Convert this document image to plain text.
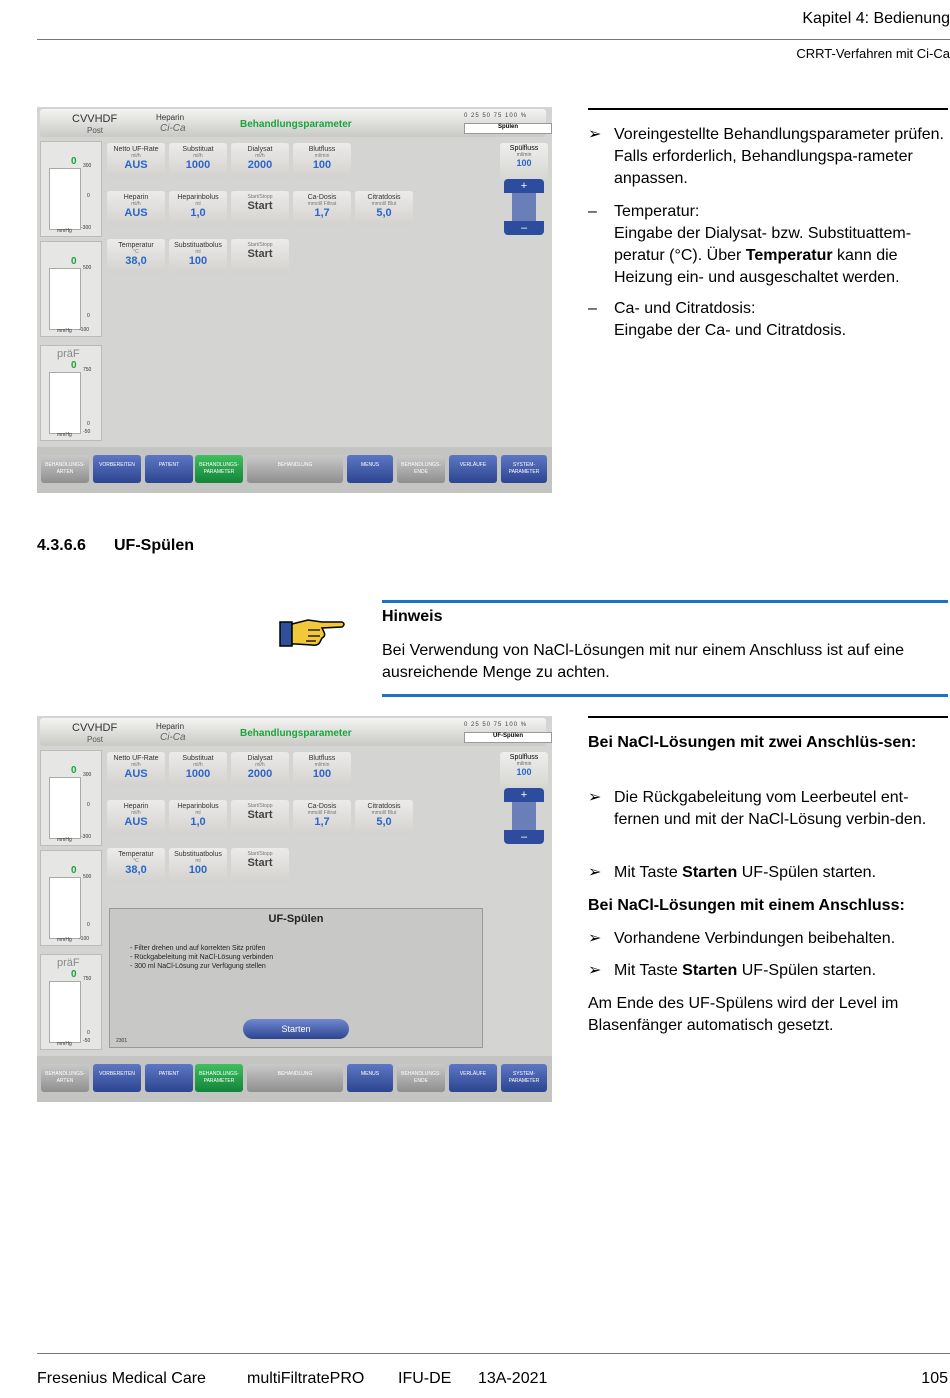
Kapitel 4: Bedienung
CRRT-Verfahren mit Ci-Ca
CVVHDF
Post
Heparin
Ci-Ca	Behandlungsparameter
0 25 50 75 100 %
Spülen
0
mmHg
0
mmHg
präF
0
mmHg
300
0
-300
500
0
-100
750
0
-50
Netto UF-Rate
ml/h
AUS
Substituat
ml/h
1000
Dialysat
ml/h
2000
Blutfluss
ml/min
100
Heparin
ml/h
AUS
Heparinbolus
ml
1,0
Start/Stopp
Start
Ca-Dosis
mmol/l Filtrat
1,7
Citratdosis
mmol/l Blut
5,0
Temperatur
°C
38,0
Substituatbolus
ml
100
Start/Stopp
Start
Spülfluss
ml/min
100
+
–
BEHANDLUNGS-ARTEN
VORBEREITEN	PATIENT	BEHANDLUNGS-PARAMETER
BEHANDLUNG	MENUS	BEHANDLUNGS-ENDE
VERLÄUFE	SYSTEM-PARAMETER
➢ Voreingestellte Behandlungsparameter prüfen. Falls erforderlich, Behandlungspa-rameter anpassen.
– Temperatur:
Eingabe der Dialysat- bzw. Substituattem-peratur (°C). Über Temperatur kann die Heizung ein- und ausgeschaltet werden.
– Ca- und Citratdosis:
Eingabe der Ca- und Citratdosis.
4.3.6.6 UF-Spülen
Hinweis
Bei Verwendung von NaCl-Lösungen mit nur einem Anschluss ist auf eine ausreichende Menge zu achten.
CVVHDF
Post
Heparin
Ci-Ca	Behandlungsparameter
0 25 50 75 100 %
UF-Spülen
0
mmHg
0
mmHg
präF
0
mmHg
300
0
-300
500
0
-100
750
0
-50
Netto UF-Rate
ml/h
AUS
Substituat
ml/h
1000
Dialysat
ml/h
2000
Blutfluss
ml/min
100
Heparin
ml/h
AUS
Heparinbolus
ml
1,0
Start/Stopp
Start
Ca-Dosis
mmol/l Filtrat
1,7
Citratdosis
mmol/l Blut
5,0
Temperatur
°C
38,0
Substituatbolus
ml
100
Start/Stopp
Start
Spülfluss
ml/min
100
+
–
UF-Spülen
- Filter drehen und auf korrekten Sitz prüfen
- Rückgabeleitung mit NaCl-Lösung verbinden
- 300 ml NaCl-Lösung zur Verfügung stellen
Starten
2301
BEHANDLUNGS-ARTEN
VORBEREITEN	PATIENT	BEHANDLUNGS-PARAMETER
BEHANDLUNG	MENUS	BEHANDLUNGS-ENDE
VERLÄUFE	SYSTEM-PARAMETER
Bei NaCl-Lösungen mit zwei Anschlüs-sen:
➢ Die Rückgabeleitung vom Leerbeutel ent-fernen und mit der NaCl-Lösung verbin-den.
➢ Mit Taste Starten UF-Spülen starten.
Bei NaCl-Lösungen mit einem Anschluss:
➢ Vorhandene Verbindungen beibehalten.
➢ Mit Taste Starten UF-Spülen starten.
Am Ende des UF-Spülens wird der Level im Blasenfänger automatisch gesetzt.
Fresenius Medical Care	multiFiltratePRO IFU-DE 13A-2021	105
